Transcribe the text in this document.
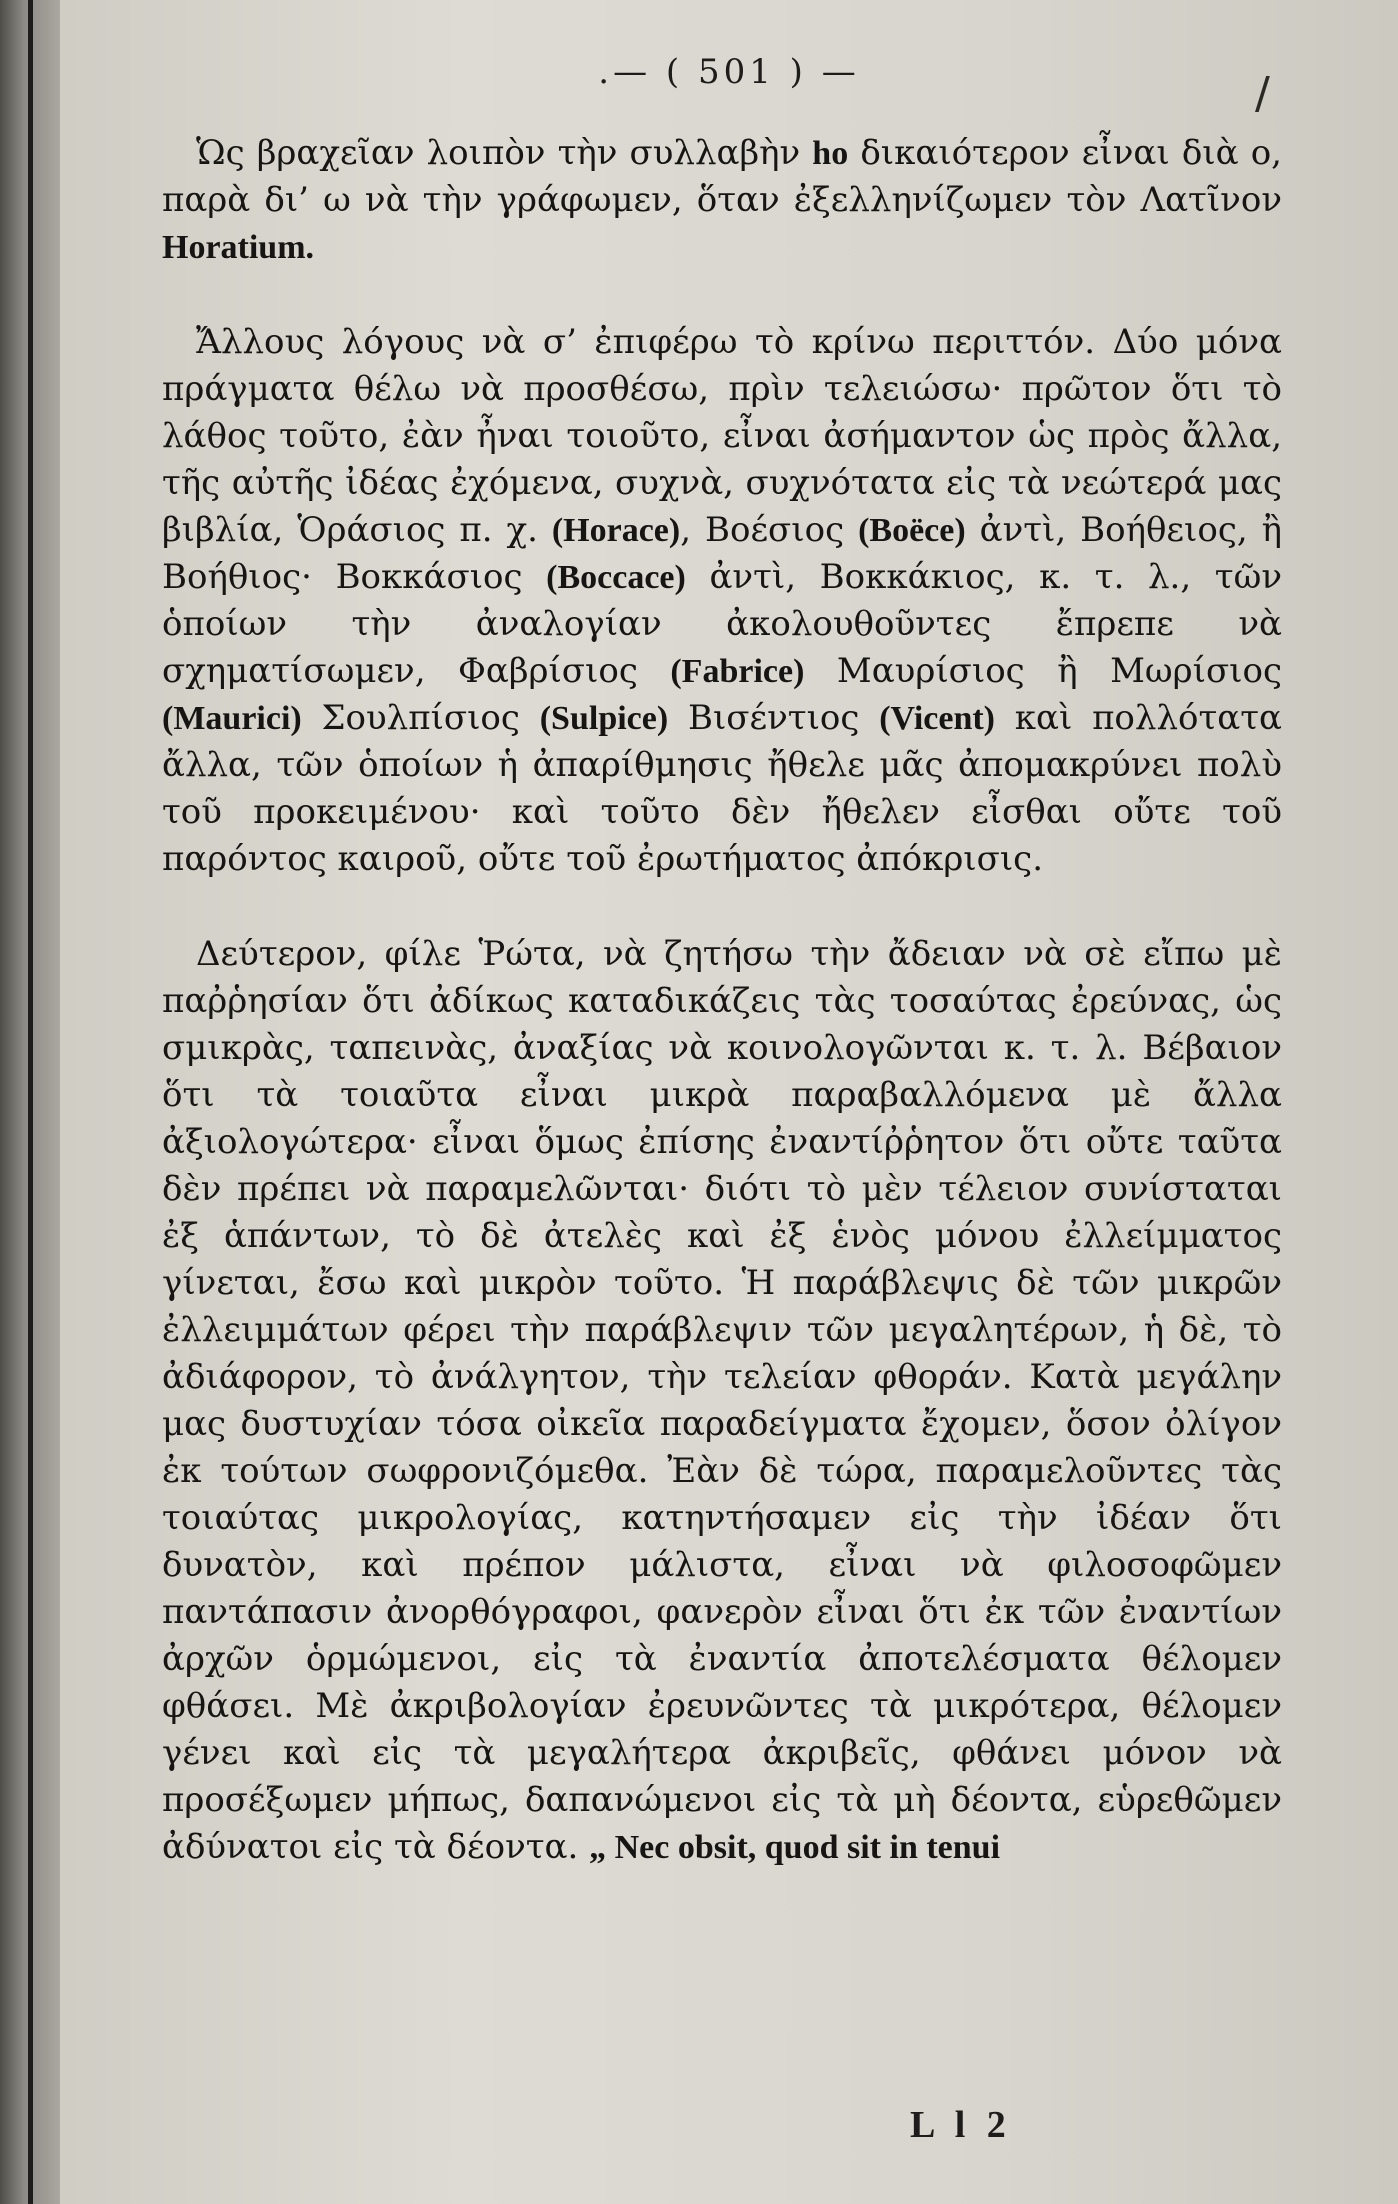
.— ( 501 ) —	/

Ὡς βραχεῖαν λοιπὸν τὴν συλλαβὴν ho δικαιότερον εἶναι διὰ ο, παρὰ δι’ ω νὰ τὴν γράφωμεν, ὅταν ἐξελληνίζωμεν τὸν Λατῖνον Horatium.

Ἄλλους λόγους νὰ σ’ ἐπιφέρω τὸ κρίνω περιττόν. Δύο μόνα πράγματα θέλω νὰ προσθέσω, πρὶν τελειώσω· πρῶτον ὅτι τὸ λάθος τοῦτο, ἐὰν ἦναι τοιοῦτο, εἶναι ἀσήμαντον ὡς πρὸς ἄλλα, τῆς αὐτῆς ἰδέας ἐχόμενα, συχνὰ, συχνότατα εἰς τὰ νεώτερά μας βιβλία, Ὁράσιος π. χ. (Horace), Βοέσιος (Boëce) ἀντὶ, Βοήθειος, ἢ Βοήθιος· Βοκκάσιος (Boccace) ἀντὶ, Βοκκάκιος, κ. τ. λ., τῶν ὁποίων τὴν ἀναλογίαν ἀκολουθοῦντες ἔπρεπε νὰ σχηματίσωμεν, Φαβρίσιος (Fabrice) Μαυρίσιος ἢ Μωρίσιος (Maurici) Σουλπίσιος (Sulpice) Βισέντιος (Vicent) καὶ πολλότατα ἄλλα, τῶν ὁποίων ἡ ἀπαρίθμησις ἤθελε μᾶς ἀπομακρύνει πολὺ τοῦ προκειμένου· καὶ τοῦτο δὲν ἤθελεν εἶσθαι οὔτε τοῦ παρόντος καιροῦ, οὔτε τοῦ ἐρωτήματος ἀπόκρισις.

Δεύτερον, φίλε Ῥώτα, νὰ ζητήσω τὴν ἄδειαν νὰ σὲ εἴπω μὲ παῤῥησίαν ὅτι ἀδίκως καταδικάζεις τὰς τοσαύτας ἐρεύνας, ὡς σμικρὰς, ταπεινὰς, ἀναξίας νὰ κοινολογῶνται κ. τ. λ. Βέβαιον ὅτι τὰ τοιαῦτα εἶναι μικρὰ παραβαλλόμενα μὲ ἄλλα ἀξιολογώτερα· εἶναι ὅμως ἐπίσης ἐναντίῤῥητον ὅτι οὔτε ταῦτα δὲν πρέπει νὰ παραμελῶνται· διότι τὸ μὲν τέλειον συνίσταται ἐξ ἁπάντων, τὸ δὲ ἀτελὲς καὶ ἐξ ἑνὸς μόνου ἐλλείμματος γίνεται, ἔσω καὶ μικρὸν τοῦτο. Ἡ παράβλεψις δὲ τῶν μικρῶν ἐλλειμμάτων φέρει τὴν παράβλεψιν τῶν μεγαλητέρων, ἡ δὲ, τὸ ἀδιάφορον, τὸ ἀνάλγητον, τὴν τελείαν φθοράν. Κατὰ μεγάλην μας δυστυχίαν τόσα οἰκεῖα παραδείγματα ἔχομεν, ὅσον ὀλίγον ἐκ τούτων σωφρονιζόμεθα. Ἐὰν δὲ τώρα, παραμελοῦντες τὰς τοιαύτας μικρολογίας, κατηντήσαμεν εἰς τὴν ἰδέαν ὅτι δυνατὸν, καὶ πρέπον μάλιστα, εἶναι νὰ φιλοσοφῶμεν παντάπασιν ἀνορθόγραφοι, φανερὸν εἶναι ὅτι ἐκ τῶν ἐναντίων ἀρχῶν ὁρμώμενοι, εἰς τὰ ἐναντία ἀποτελέσματα θέλομεν φθάσει. Μὲ ἀκριβολογίαν ἐρευνῶντες τὰ μικρότερα, θέλομεν γένει καὶ εἰς τὰ μεγαλήτερα ἀκριβεῖς, φθάνει μόνον νὰ προσέξωμεν μήπως, δαπανώμενοι εἰς τὰ μὴ δέοντα, εὑρεθῶμεν ἀδύνατοι εἰς τὰ δέοντα. „ Nec obsit, quod sit in tenui

L l 2
